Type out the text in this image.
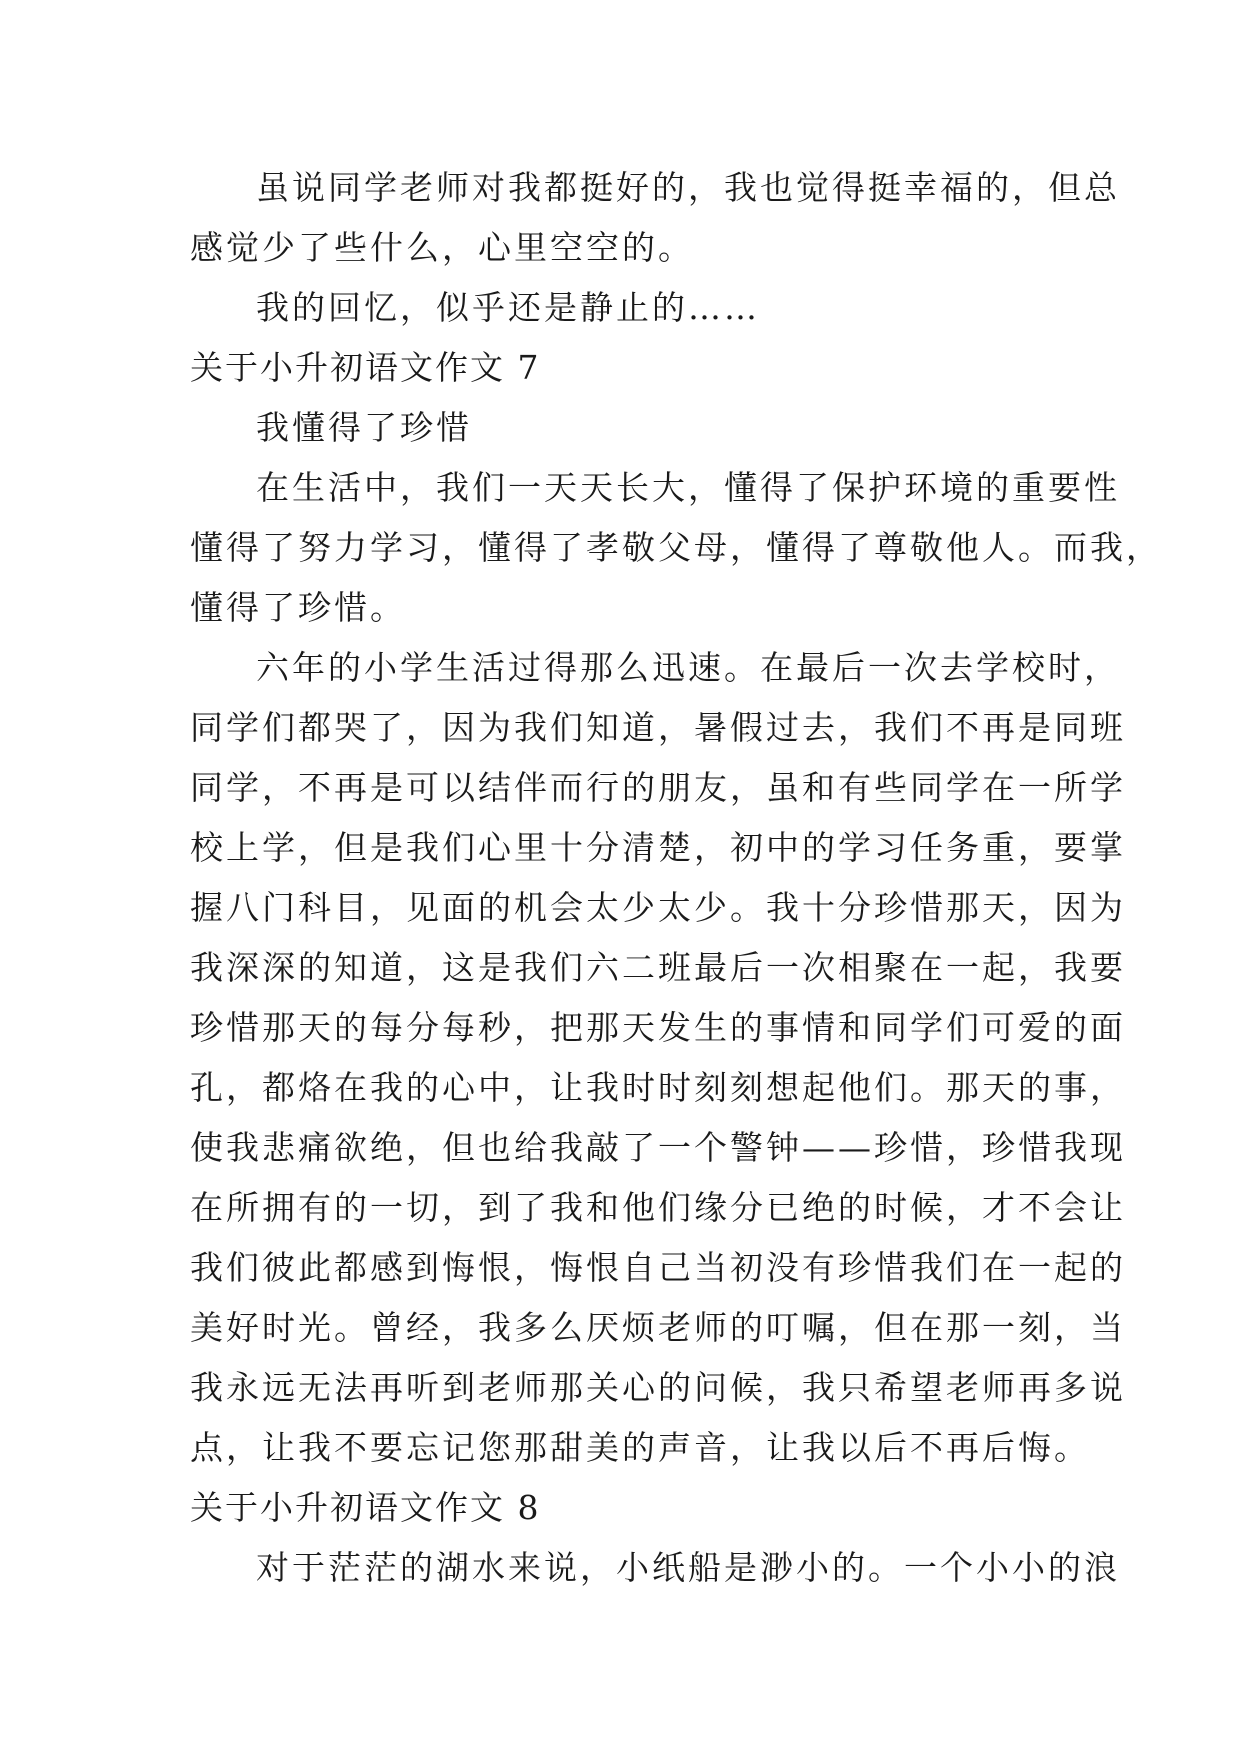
虽说同学老师对我都挺好的，我也觉得挺幸福的，但总
感觉少了些什么，心里空空的。
我的回忆，似乎还是静止的……
关于小升初语文作文 7
我懂得了珍惜
在生活中，我们一天天长大，懂得了保护环境的重要性
懂得了努力学习，懂得了孝敬父母，懂得了尊敬他人。而我，
懂得了珍惜。
六年的小学生活过得那么迅速。在最后一次去学校时，
同学们都哭了，因为我们知道，暑假过去，我们不再是同班
同学，不再是可以结伴而行的朋友，虽和有些同学在一所学
校上学，但是我们心里十分清楚，初中的学习任务重，要掌
握八门科目，见面的机会太少太少。我十分珍惜那天，因为
我深深的知道，这是我们六二班最后一次相聚在一起，我要
珍惜那天的每分每秒，把那天发生的事情和同学们可爱的面
孔，都烙在我的心中，让我时时刻刻想起他们。那天的事，
使我悲痛欲绝，但也给我敲了一个警钟——珍惜，珍惜我现
在所拥有的一切，到了我和他们缘分已绝的时候，才不会让
我们彼此都感到悔恨，悔恨自己当初没有珍惜我们在一起的
美好时光。曾经，我多么厌烦老师的叮嘱，但在那一刻，当
我永远无法再听到老师那关心的问候，我只希望老师再多说
点，让我不要忘记您那甜美的声音，让我以后不再后悔。
关于小升初语文作文 8
对于茫茫的湖水来说，小纸船是渺小的。一个小小的浪
